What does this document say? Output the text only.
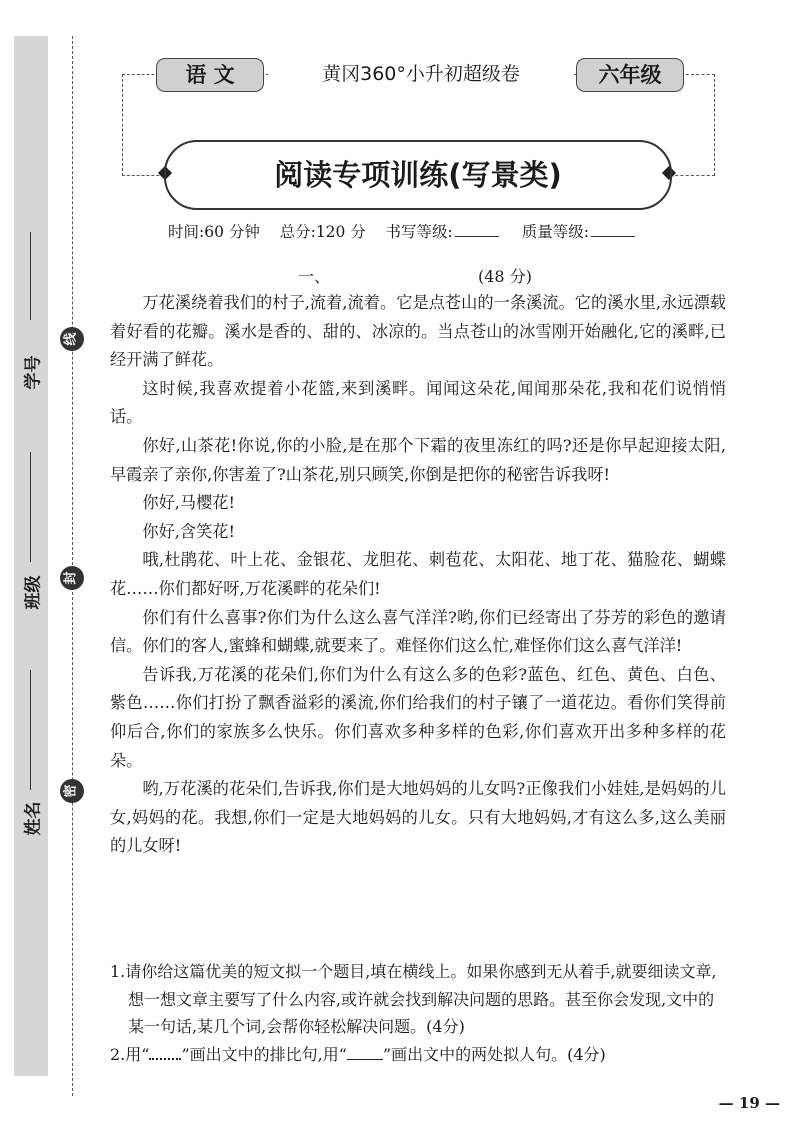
学号
班级
姓名
线
封
密
语 文	黄冈360°小升初超级卷	六年级
阅读专项训练(写景类)
时间:60 分钟 总分:120 分 书写等级:	质量等级:
一、	(48 分)

万花溪绕着我们的村子,流着,流着。它是点苍山的一条溪流。它的溪水里,永远漂载着好看的花瓣。溪水是香的、甜的、冰凉的。当点苍山的冰雪刚开始融化,它的溪畔,已经开满了鲜花。

这时候,我喜欢提着小花篮,来到溪畔。闻闻这朵花,闻闻那朵花,我和花们说悄悄话。

你好,山茶花!你说,你的小脸,是在那个下霜的夜里冻红的吗?还是你早起迎接太阳,早霞亲了亲你,你害羞了?山茶花,别只顾笑,你倒是把你的秘密告诉我呀!

你好,马樱花!

你好,含笑花!

哦,杜鹃花、叶上花、金银花、龙胆花、刺苞花、太阳花、地丁花、猫脸花、蝴蝶花……你们都好呀,万花溪畔的花朵们!

你们有什么喜事?你们为什么这么喜气洋洋?哟,你们已经寄出了芬芳的彩色的邀请信。你们的客人,蜜蜂和蝴蝶,就要来了。难怪你们这么忙,难怪你们这么喜气洋洋!

告诉我,万花溪的花朵们,你们为什么有这么多的色彩?蓝色、红色、黄色、白色、紫色……你们打扮了飘香溢彩的溪流,你们给我们的村子镶了一道花边。看你们笑得前仰后合,你们的家族多么快乐。你们喜欢多种多样的色彩,你们喜欢开出多种多样的花朵。

哟,万花溪的花朵们,告诉我,你们是大地妈妈的儿女吗?正像我们小娃娃,是妈妈的儿女,妈妈的花。我想,你们一定是大地妈妈的儿女。只有大地妈妈,才有这么多,这么美丽的儿女呀!

1.请你给这篇优美的短文拟一个题目,填在横线上。如果你感到无从着手,就要细读文章,想一想文章主要写了什么内容,或许就会找到解决问题的思路。甚至你会发现,文中的某一句话,某几个词,会帮你轻松解决问题。(4分)

2.用“ ”画出文中的排比句,用“ ”画出文中的两处拟人句。(4分)

— 19 —
